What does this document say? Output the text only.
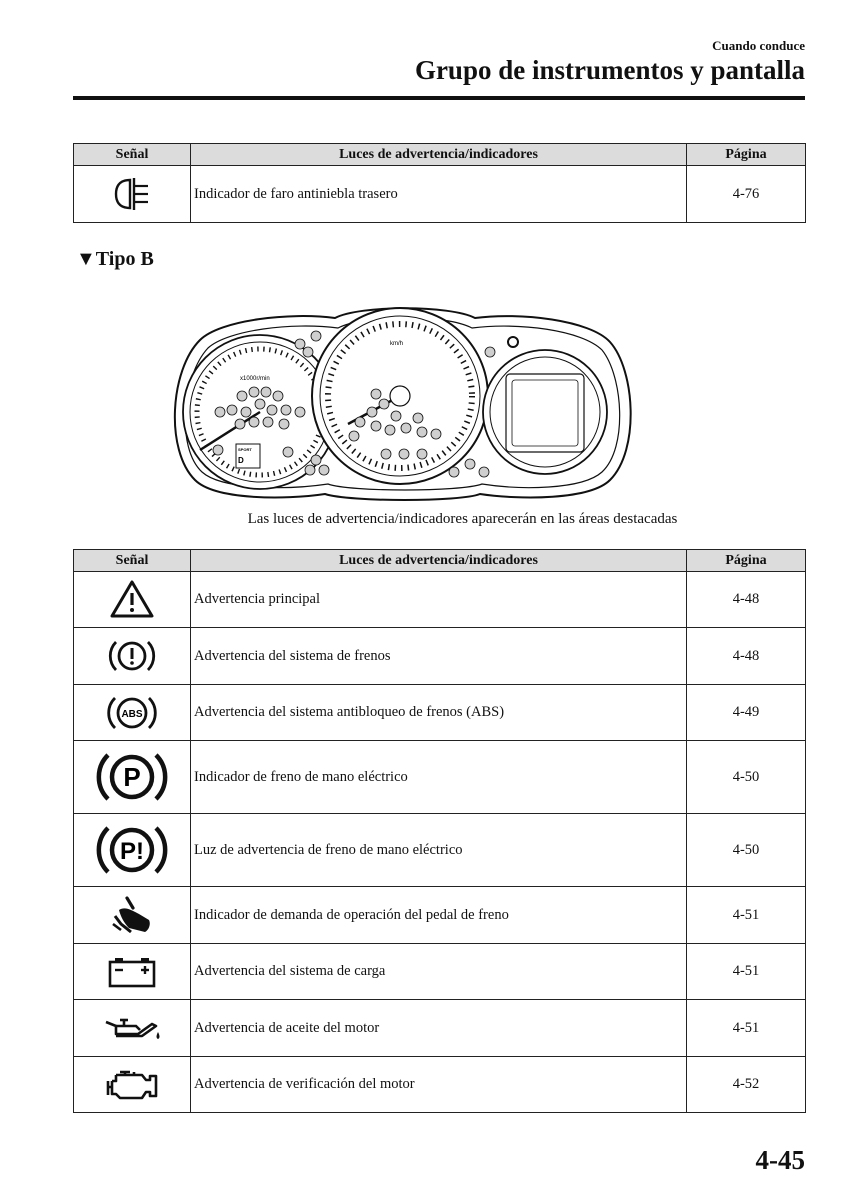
Cuando conduce
Grupo de instrumentos y pantalla
Señal	Luces de advertencia/indicadores	Página

	Indicador de faro antiniebla trasero	4-76
▼Tipo B
x1000r/min
SPORT
D
km/h
Las luces de advertencia/indicadores aparecerán en las áreas destacadas
Señal	Luces de advertencia/indicadores	Página

	Advertencia principal	4-48

	Advertencia del sistema de frenos	4-48

ABS	Advertencia del sistema antibloqueo de frenos (ABS)	4-49

P	Indicador de freno de mano eléctrico	4-50

P!	Luz de advertencia de freno de mano eléctrico	4-50

	Indicador de demanda de operación del pedal de freno	4-51

	Advertencia del sistema de carga	4-51

	Advertencia de aceite del motor	4-51

	Advertencia de verificación del motor	4-52
4-45
